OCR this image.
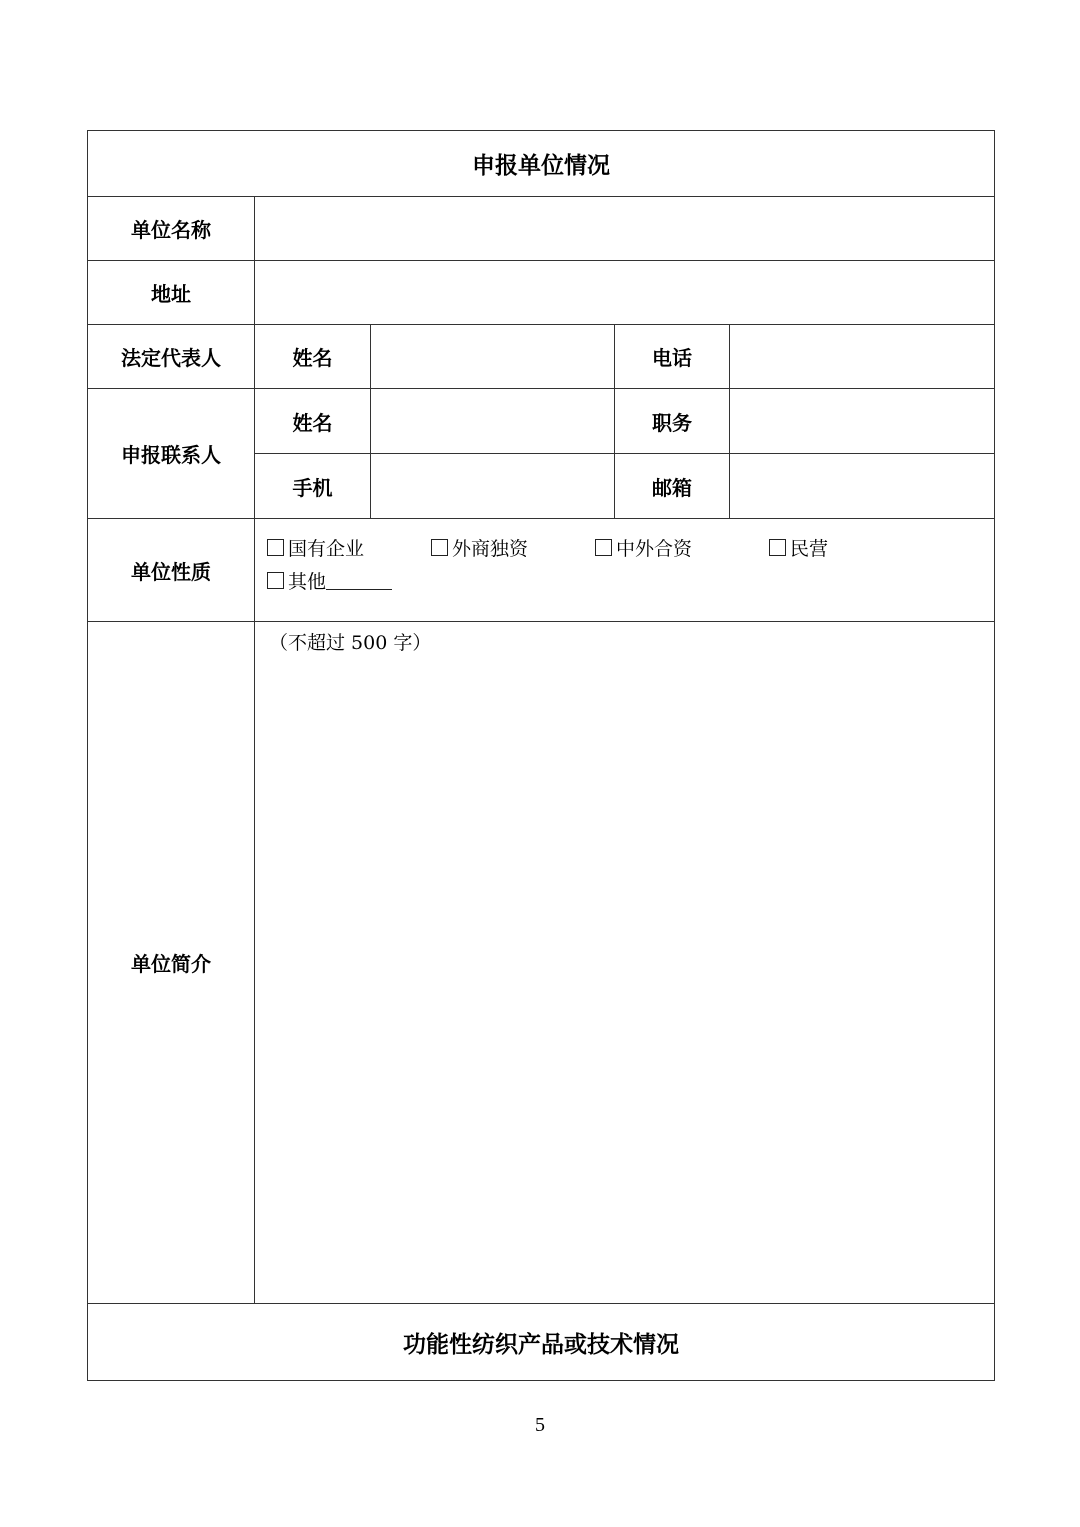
申报单位情况				
单位名称				
地址				
法定代表人	姓名		电话	
申报联系人	姓名		职务	
	手机		邮箱	
单位性质	国有企业 外商独资 中外合资 民营
其他			

单位简介	（不超过 500 字）			

功能性纺织产品或技术情况				
5
